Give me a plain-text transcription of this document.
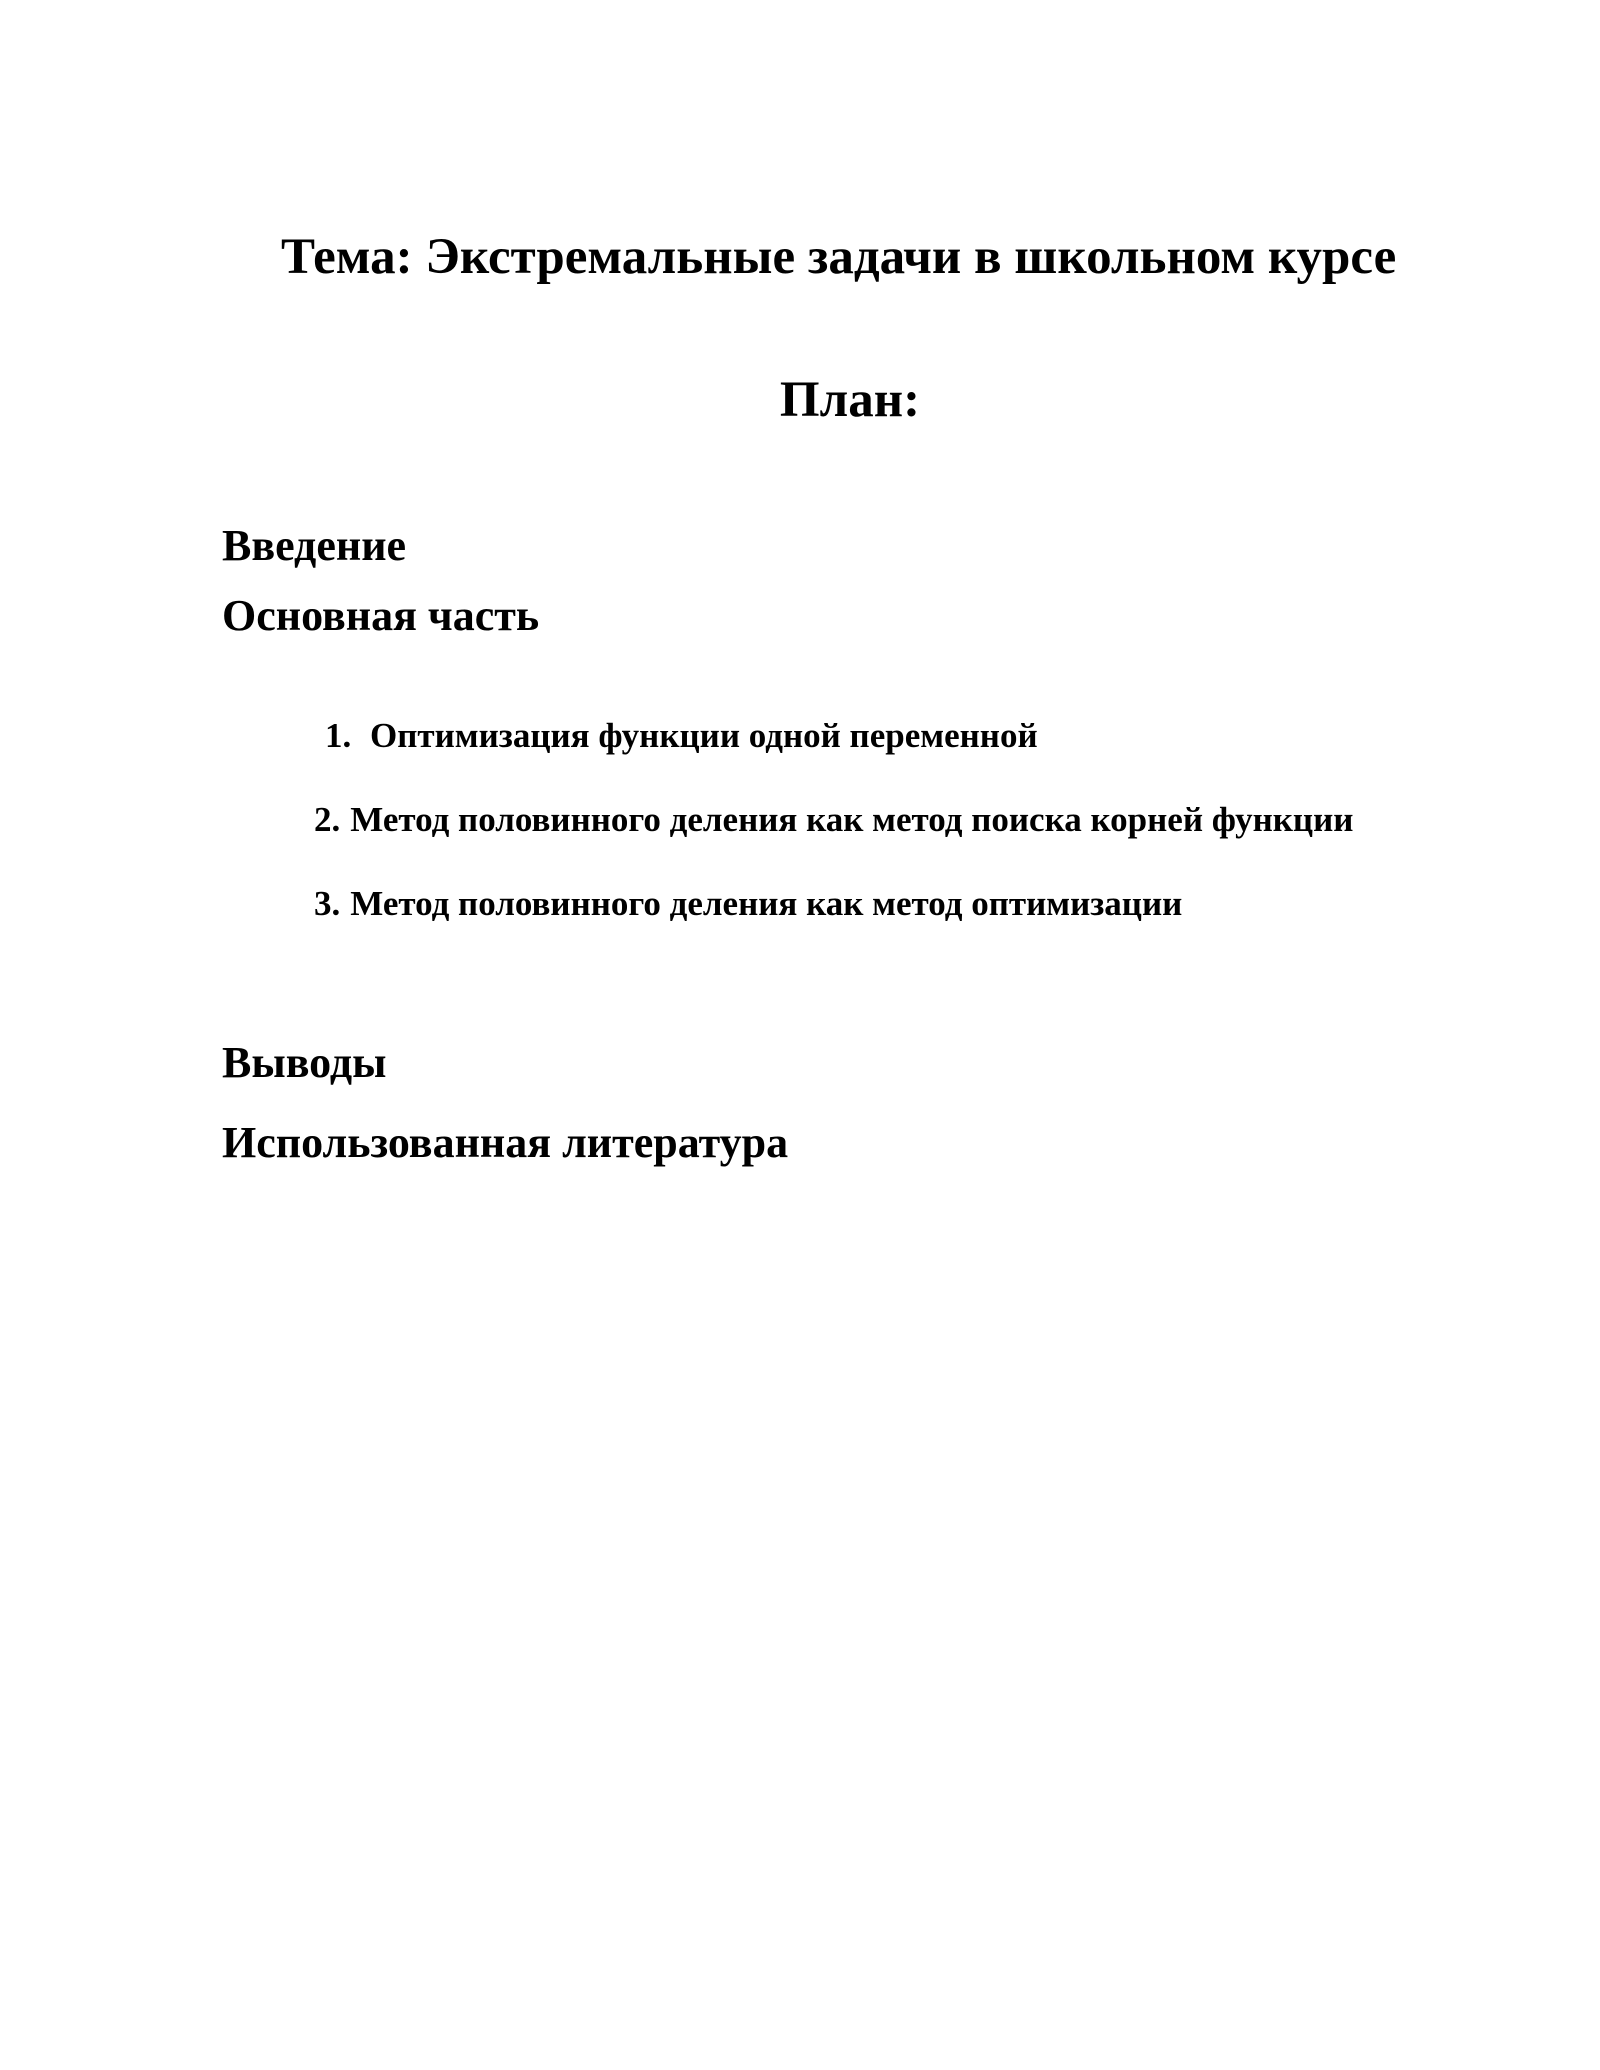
Тема: Экстремальные задачи в школьном курсе
План:
Введение
Основная часть
1. Оптимизация функции одной переменной
2. Метод половинного деления как метод поиска корней функции
3. Метод половинного деления как метод оптимизации
Выводы
Использованная литература
